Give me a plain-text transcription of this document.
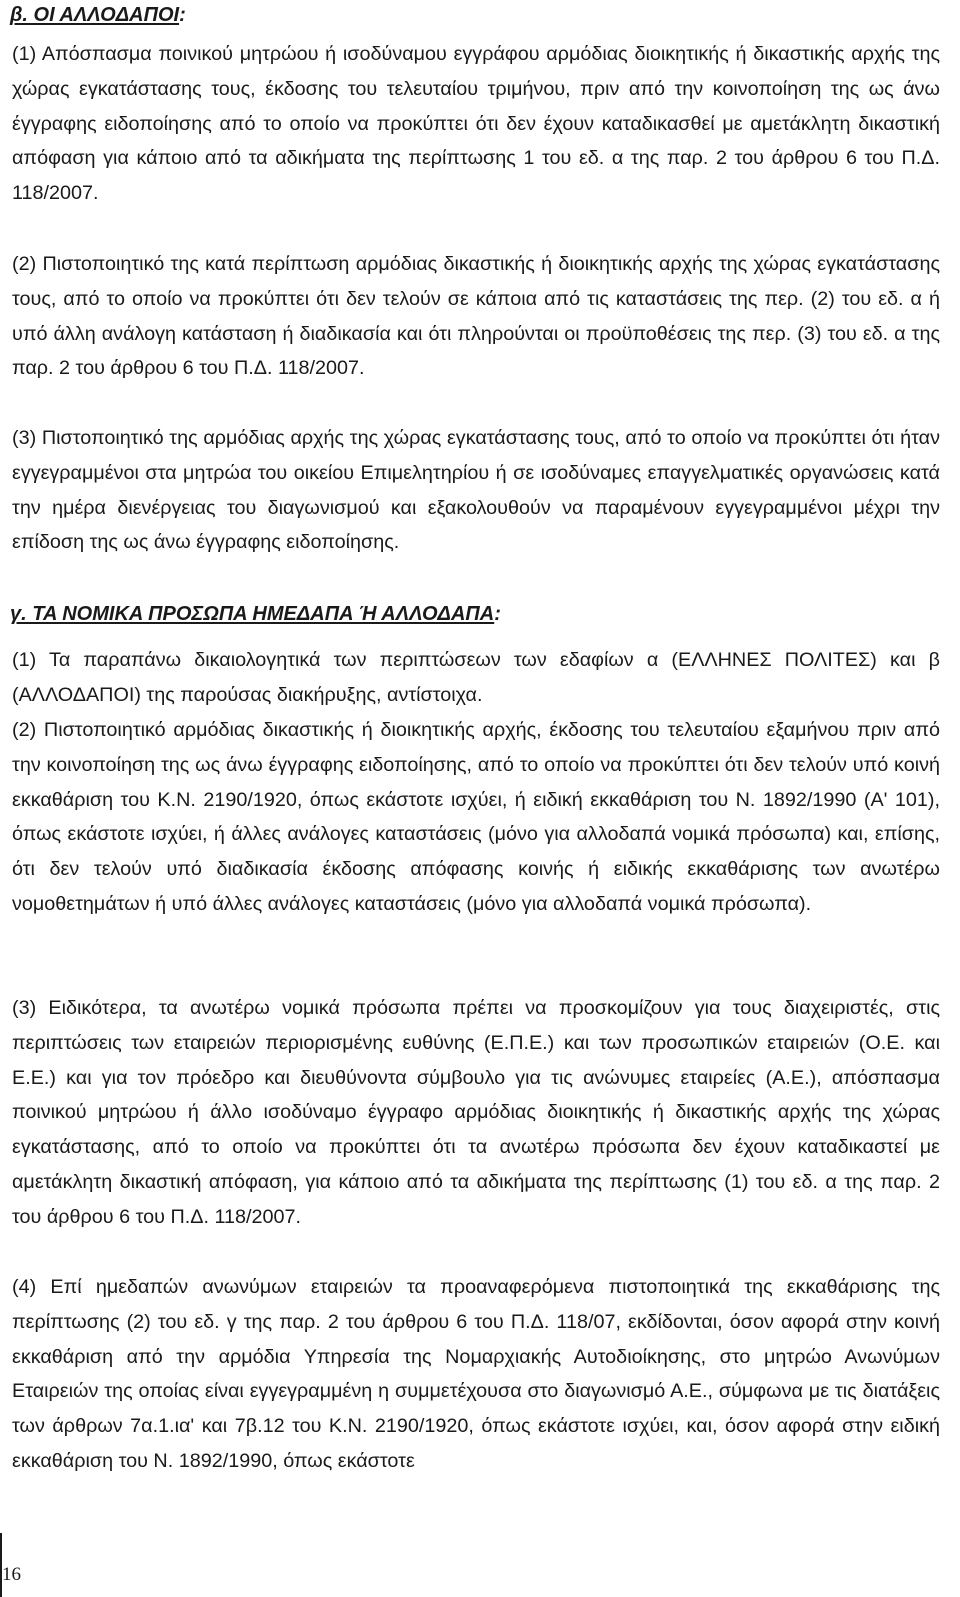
β. ΟΙ ΑΛΛΟΔΑΠΟΙ:

(1) Απόσπασμα ποινικού μητρώου ή ισοδύναμου εγγράφου αρμόδιας διοικητικής ή δικαστικής αρχής της χώρας εγκατάστασης τους, έκδοσης του τελευταίου τριμήνου, πριν από την κοινοποίηση της ως άνω έγγραφης ειδοποίησης από το οποίο να προκύπτει ότι δεν έχουν καταδικασθεί με αμετάκλητη δικαστική απόφαση για κάποιο από τα αδικήματα της περίπτωσης 1 του εδ. α της παρ. 2 του άρθρου 6 του Π.Δ. 118/2007.

(2) Πιστοποιητικό της κατά περίπτωση αρμόδιας δικαστικής ή διοικητικής αρχής της χώρας εγκατάστασης τους, από το οποίο να προκύπτει ότι δεν τελούν σε κάποια από τις καταστάσεις της περ. (2) του εδ. α ή υπό άλλη ανάλογη κατάσταση ή διαδικασία και ότι πληρούνται οι προϋποθέσεις της περ. (3) του εδ. α της παρ. 2 του άρθρου 6 του Π.Δ. 118/2007.

(3) Πιστοποιητικό της αρμόδιας αρχής της χώρας εγκατάστασης τους, από το οποίο να προκύπτει ότι ήταν εγγεγραμμένοι στα μητρώα του οικείου Επιμελητηρίου ή σε ισοδύναμες επαγγελματικές οργανώσεις κατά την ημέρα διενέργειας του διαγωνισμού και εξακολουθούν να παραμένουν εγγεγραμμένοι μέχρι την επίδοση της ως άνω έγγραφης ειδοποίησης.

γ. ΤΑ ΝΟΜΙΚΑ ΠΡΟΣΩΠΑ ΗΜΕΔΑΠΑ Ή ΑΛΛΟΔΑΠΑ:

(1) Τα παραπάνω δικαιολογητικά των περιπτώσεων των εδαφίων α (ΕΛΛΗΝΕΣ ΠΟΛΙΤΕΣ) και β (ΑΛΛΟΔΑΠΟΙ) της παρούσας διακήρυξης, αντίστοιχα.

(2) Πιστοποιητικό αρμόδιας δικαστικής ή διοικητικής αρχής, έκδοσης του τελευταίου εξαμήνου πριν από την κοινοποίηση της ως άνω έγγραφης ειδοποίησης, από το οποίο να προκύπτει ότι δεν τελούν υπό κοινή εκκαθάριση του Κ.Ν. 2190/1920, όπως εκάστοτε ισχύει, ή ειδική εκκαθάριση του Ν. 1892/1990 (Α' 101), όπως εκάστοτε ισχύει, ή άλλες ανάλογες καταστάσεις (μόνο για αλλοδαπά νομικά πρόσωπα) και, επίσης, ότι δεν τελούν υπό διαδικασία έκδοσης απόφασης κοινής ή ειδικής εκκαθάρισης των ανωτέρω νομοθετημάτων ή υπό άλλες ανάλογες καταστάσεις (μόνο για αλλοδαπά νομικά πρόσωπα).

(3) Ειδικότερα, τα ανωτέρω νομικά πρόσωπα πρέπει να προσκομίζουν για τους διαχειριστές, στις περιπτώσεις των εταιρειών περιορισμένης ευθύνης (Ε.Π.Ε.) και των προσωπικών εταιρειών (Ο.Ε. και Ε.Ε.) και για τον πρόεδρο και διευθύνοντα σύμβουλο για τις ανώνυμες εταιρείες (Α.Ε.), απόσπασμα ποινικού μητρώου ή άλλο ισοδύναμο έγγραφο αρμόδιας διοικητικής ή δικαστικής αρχής της χώρας εγκατάστασης, από το οποίο να προκύπτει ότι τα ανωτέρω πρόσωπα δεν έχουν καταδικαστεί με αμετάκλητη δικαστική απόφαση, για κάποιο από τα αδικήματα της περίπτωσης (1) του εδ. α της παρ. 2 του άρθρου 6 του Π.Δ. 118/2007.

(4) Επί ημεδαπών ανωνύμων εταιρειών τα προαναφερόμενα πιστοποιητικά της εκκαθάρισης της περίπτωσης (2) του εδ. γ της παρ. 2 του άρθρου 6 του Π.Δ. 118/07, εκδίδονται, όσον αφορά στην κοινή εκκαθάριση από την αρμόδια Υπηρεσία της Νομαρχιακής Αυτοδιοίκησης, στο μητρώο Ανωνύμων Εταιρειών της οποίας είναι εγγεγραμμένη η συμμετέχουσα στο διαγωνισμό Α.Ε., σύμφωνα με τις διατάξεις των άρθρων 7α.1.ια' και 7β.12 του Κ.Ν. 2190/1920, όπως εκάστοτε ισχύει, και, όσον αφορά στην ειδική εκκαθάριση του Ν. 1892/1990, όπως εκάστοτε

16
